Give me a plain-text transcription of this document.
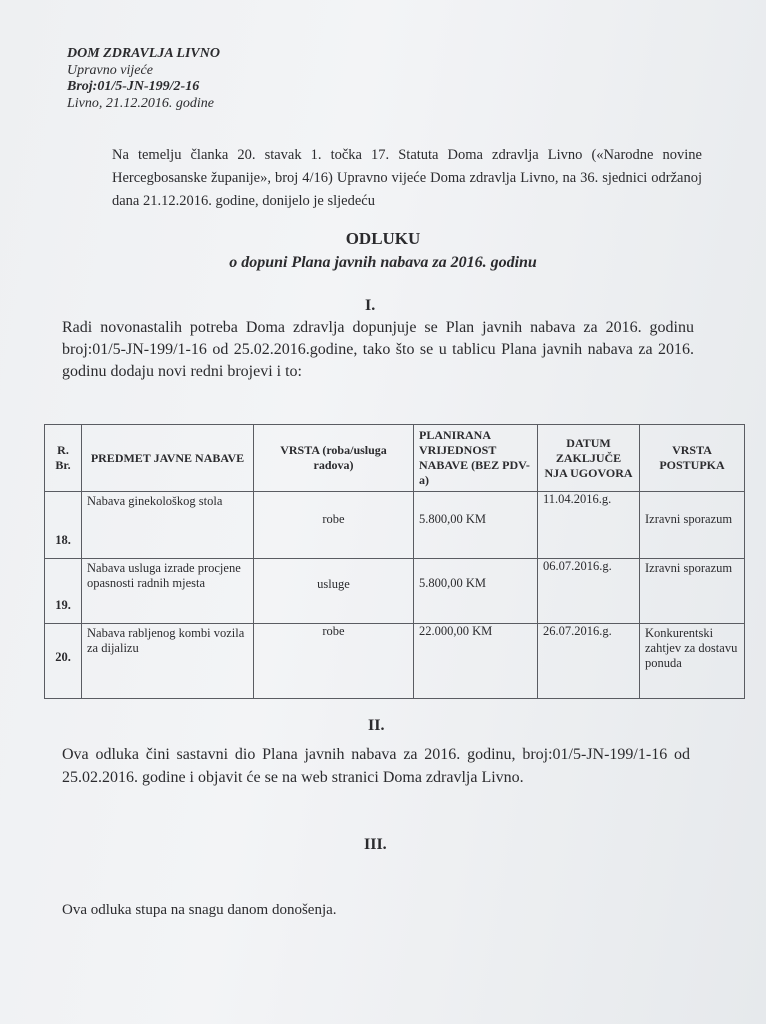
DOM ZDRAVLJA LIVNO
Upravno vijeće
Broj:01/5-JN-199/2-16
Livno, 21.12.2016. godine
Na temelju članka 20. stavak 1. točka 17. Statuta Doma zdravlja Livno («Narodne novine Hercegbosanske županije», broj 4/16) Upravno vijeće Doma zdravlja Livno, na 36. sjednici održanoj dana 21.12.2016. godine, donijelo je sljedeću
ODLUKU
o dopuni Plana javnih nabava za 2016. godinu
I.
Radi novonastalih potreba Doma zdravlja dopunjuje se Plan javnih nabava za 2016. godinu broj:01/5-JN-199/1-16 od 25.02.2016.godine, tako što se u tablicu Plana javnih nabava za 2016. godinu dodaju novi redni brojevi i to:
R. Br.	PREDMET JAVNE NABAVE	VRSTA (roba/usluga radova)	PLANIRANA VRIJEDNOST NABAVE (BEZ PDV-a)	DATUM ZAKLJUČE NJA UGOVORA	VRSTA POSTUPKA
18.	Nabava ginekološkog stola	robe	5.800,00 KM	11.04.2016.g.	Izravni sporazum
19.	Nabava usluga izrade procjene opasnosti radnih mjesta	usluge	5.800,00 KM	06.07.2016.g.	Izravni sporazum
20.	Nabava rabljenog kombi vozila za dijalizu	robe	22.000,00 KM	26.07.2016.g.	Konkurentski zahtjev za dostavu ponuda
II.
Ova odluka čini sastavni dio Plana javnih nabava za 2016. godinu, broj:01/5-JN-199/1-16 od 25.02.2016. godine i objavit će se na web stranici Doma zdravlja Livno.
III.
Ova odluka stupa na snagu danom donošenja.
